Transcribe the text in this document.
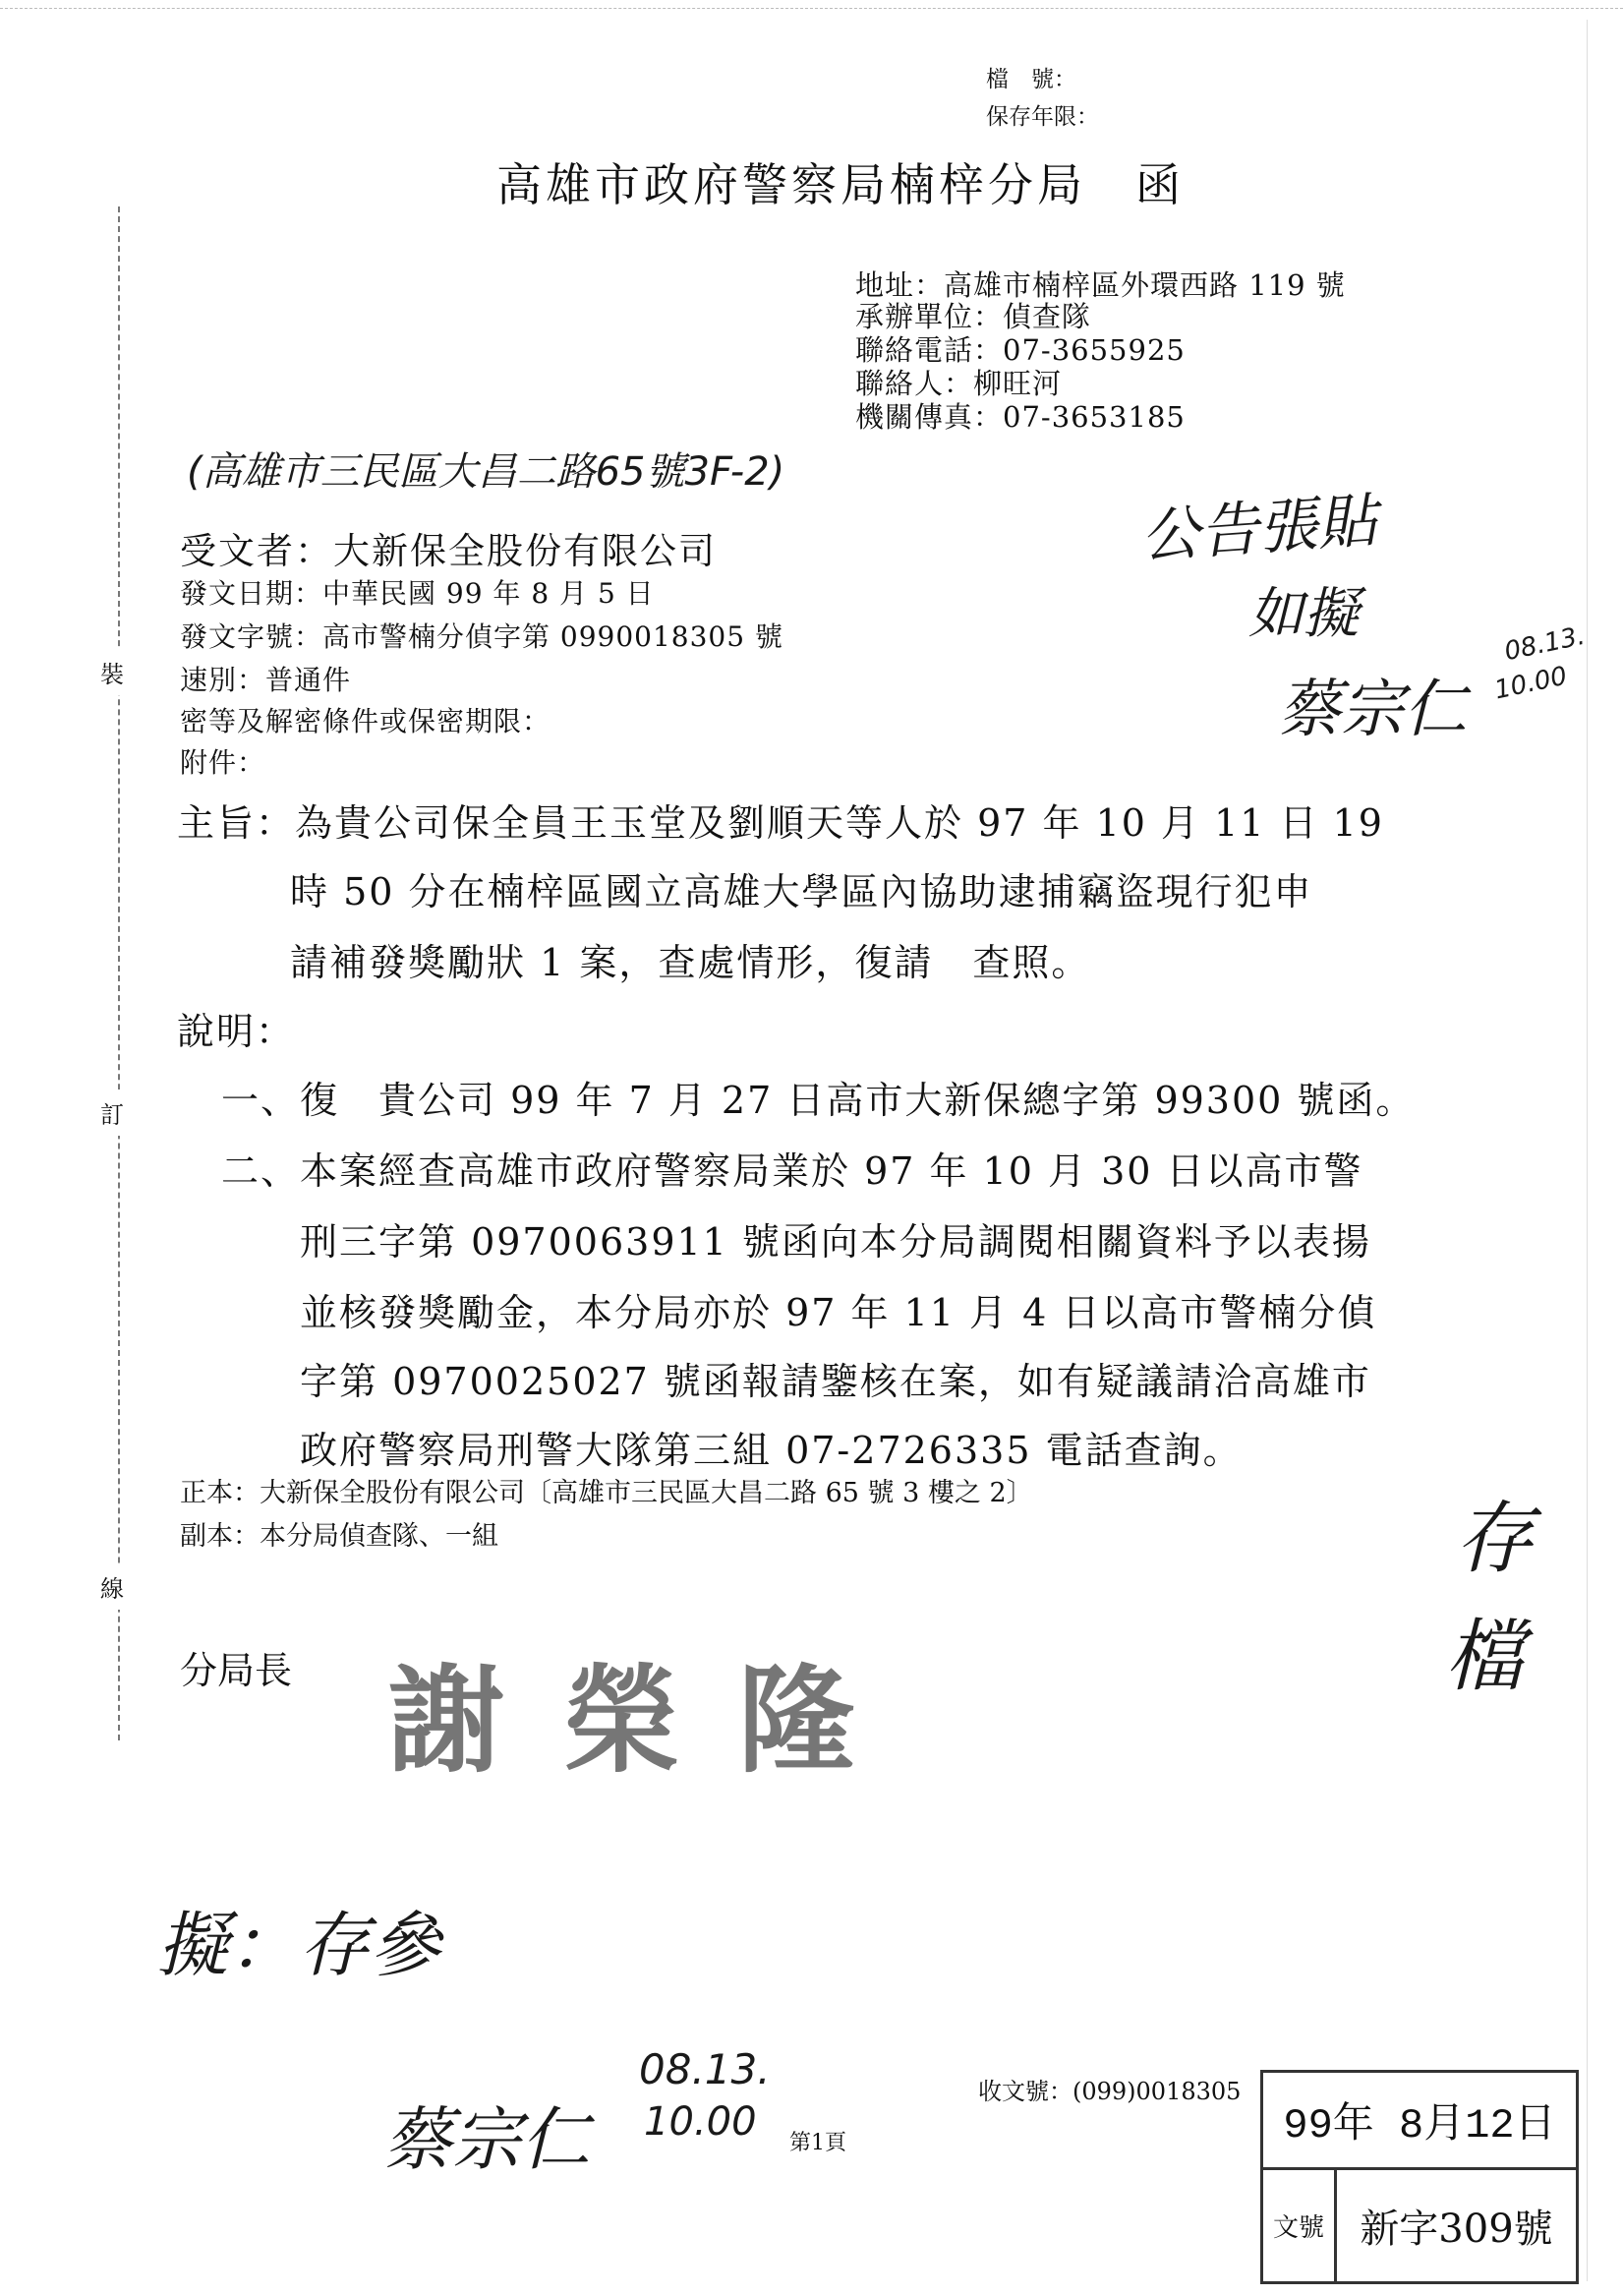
裝
訂
線
檔　號：
保存年限：
高雄市政府警察局楠梓分局　函
地址：高雄市楠梓區外環西路 119 號
承辦單位：偵查隊
聯絡電話：07-3655925
聯絡人：柳旺河
機關傳真：07-3653185
(高雄市三民區大昌二路65號3F-2)
公告張貼
如擬
蔡宗仁
08.13.
10.00
受文者：大新保全股份有限公司
發文日期：中華民國 99 年 8 月 5 日
發文字號：高市警楠分偵字第 0990018305 號
速別：普通件
密等及解密條件或保密期限：
附件：
主旨：為貴公司保全員王玉堂及劉順天等人於 97 年 10 月 11 日 19
時 50 分在楠梓區國立高雄大學區內協助逮捕竊盜現行犯申
請補發獎勵狀 1 案，查處情形，復請　查照。
說明：
一、復　貴公司 99 年 7 月 27 日高市大新保總字第 99300 號函。
二、本案經查高雄市政府警察局業於 97 年 10 月 30 日以高市警
刑三字第 0970063911 號函向本分局調閱相關資料予以表揚
並核發獎勵金，本分局亦於 97 年 11 月 4 日以高市警楠分偵
字第 0970025027 號函報請鑒核在案，如有疑議請洽高雄市
政府警察局刑警大隊第三組 07-2726335 電話查詢。
正本：大新保全股份有限公司〔高雄市三民區大昌二路 65 號 3 樓之 2〕
副本：本分局偵查隊、一組	存
檔
分局長 謝榮隆
擬：存參
蔡宗仁
08.13.
10.00
收文號：(099)0018305
第1頁	99年 8月12日
文號 新字309號
